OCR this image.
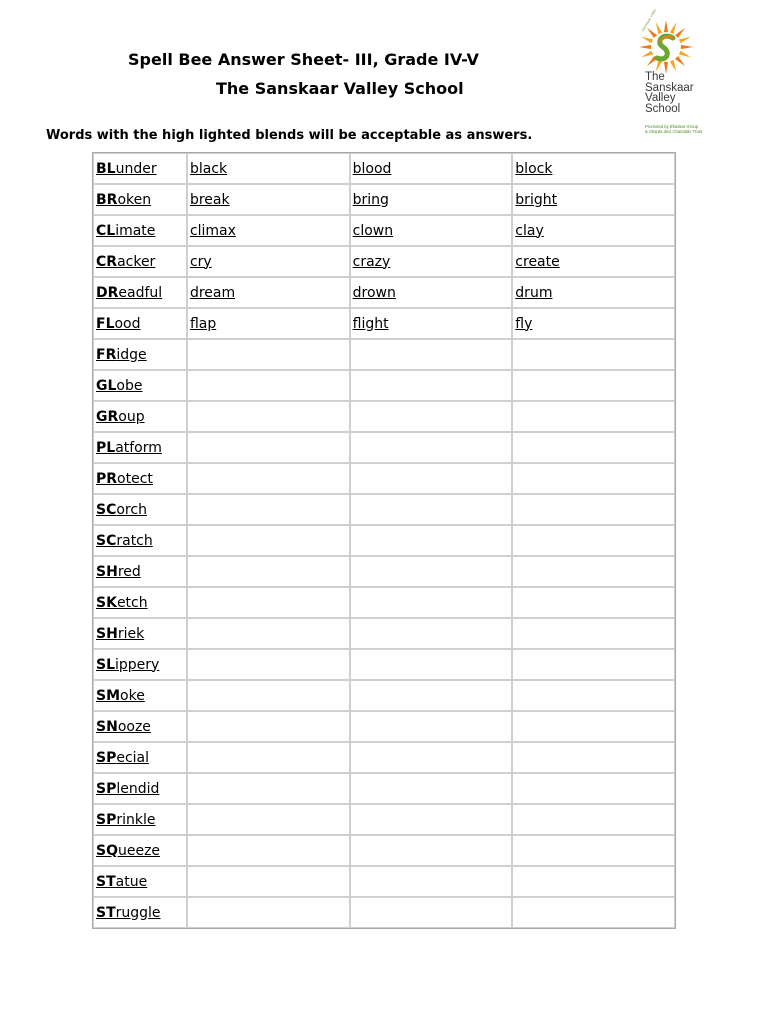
Spell Bee Answer Sheet- III, Grade IV-V
The Sanskaar Valley School
Words with the high lighted blends will be acceptable as answers.
Sanskaar valley
The
Sanskaar
Valley
School
Promoted by Bhaskar Group
& Sharda devi Charitable Trust
BLunder	black	blood	block
BRoken	break	bring	bright
CLimate	climax	clown	clay
CRacker	cry	crazy	create
DReadful	dream	drown	drum
FLood	flap	flight	fly
FRidge			
GLobe			
GRoup			
PLatform			
PRotect			
SCorch			
SCratch			
SHred			
SKetch			
SHriek			
SLippery			
SMoke			
SNooze			
SPecial			
SPlendid			
SPrinkle			
SQueeze			
STatue			
STruggle			
